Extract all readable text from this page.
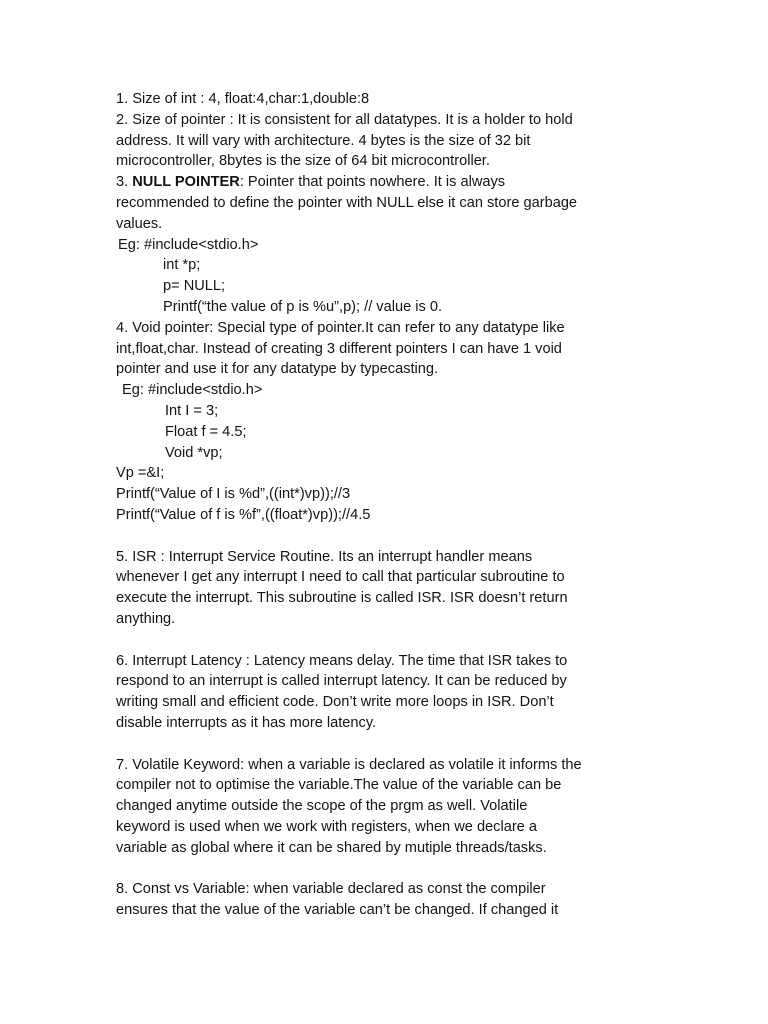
1. Size of int : 4, float:4,char:1,double:8
2. Size of pointer : It is consistent for all datatypes. It is a holder to hold
address. It will vary with architecture. 4 bytes is the size of 32 bit
microcontroller, 8bytes is the size of 64 bit microcontroller.
3. NULL POINTER: Pointer that points nowhere. It is always
recommended to define the pointer with NULL else it can store garbage
values.
Eg: #include<stdio.h>
int *p;
p= NULL;
Printf(“the value of p is %u”,p); // value is 0.
4. Void pointer: Special type of pointer.It can refer to any datatype like
int,float,char. Instead of creating 3 different pointers I can have 1 void
pointer and use it for any datatype by typecasting.
Eg: #include<stdio.h>
Int I = 3;
Float f = 4.5;
Void *vp;
Vp =&I;
Printf(“Value of I is %d”,((int*)vp));//3
Printf(“Value of f is %f”,((float*)vp));//4.5
5. ISR : Interrupt Service Routine. Its an interrupt handler means
whenever I get any interrupt I need to call that particular subroutine to
execute the interrupt. This subroutine is called ISR. ISR doesn’t return
anything.
6. Interrupt Latency : Latency means delay. The time that ISR takes to
respond to an interrupt is called interrupt latency. It can be reduced by
writing small and efficient code. Don’t write more loops in ISR. Don’t
disable interrupts as it has more latency.
7. Volatile Keyword: when a variable is declared as volatile it informs the
compiler not to optimise the variable.The value of the variable can be
changed anytime outside the scope of the prgm as well. Volatile
keyword is used when we work with registers, when we declare a
variable as global where it can be shared by mutiple threads/tasks.
8. Const vs Variable: when variable declared as const the compiler
ensures that the value of the variable can’t be changed. If changed it
